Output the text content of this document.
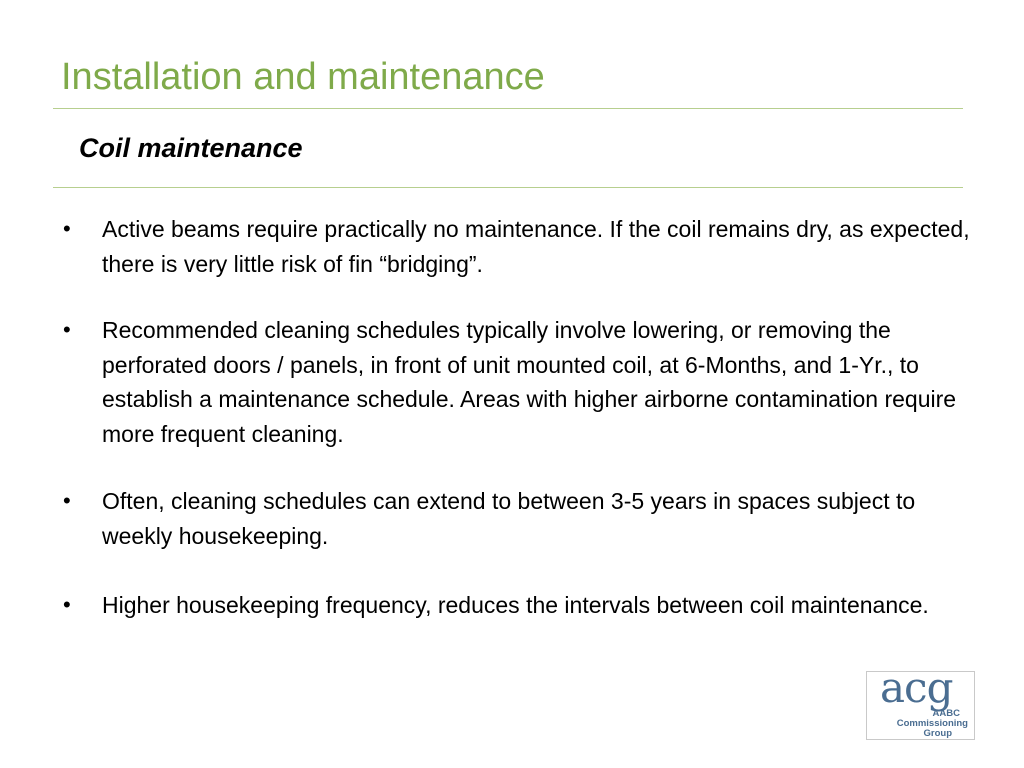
Installation and maintenance
Coil maintenance
• Active beams require practically no maintenance. If the coil remains dry, as expected, there is very little risk of fin “bridging”.
• Recommended cleaning schedules typically involve lowering, or removing the perforated doors / panels, in front of unit mounted coil, at 6-Months, and 1-Yr., to establish a maintenance schedule. Areas with higher airborne contamination require more frequent cleaning.
• Often, cleaning schedules can extend to between 3-5 years in spaces subject to weekly housekeeping.
• Higher housekeeping frequency, reduces the intervals between coil maintenance.
acg
AABC
Commissioning
Group
